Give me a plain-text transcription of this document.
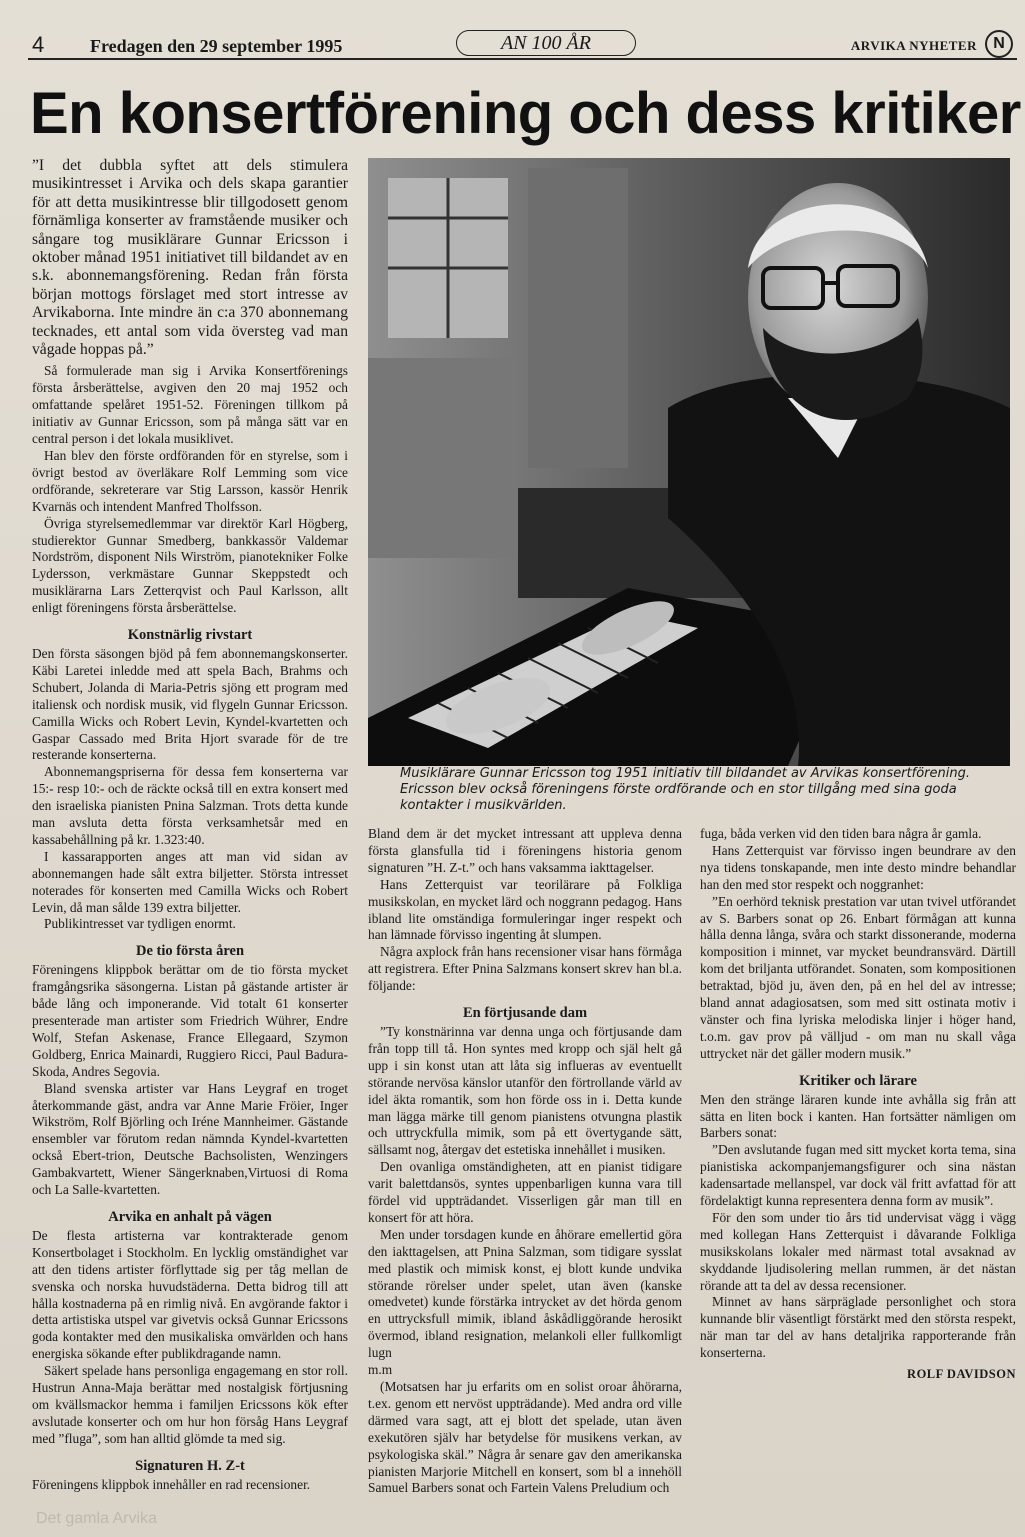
4	Fredagen den 29 september 1995	AN 100 ÅR	ARVIKA NYHETER	N
En konsertförening och dess kritiker

”I det dubbla syftet att dels stimulera musikintresset i Arvika och dels skapa garantier för att detta musikintresse blir tillgodosett genom förnämliga konserter av framstående musiker och sångare tog musiklärare Gunnar Ericsson i oktober månad 1951 initiativet till bildandet av en s.k. abonnemangsförening. Redan från första början mottogs förslaget med stort intresse av Arvikaborna. Inte mindre än c:a 370 abonnemang tecknades, ett antal som vida översteg vad man vågade hoppas på.”

Så formulerade man sig i Arvika Konsertförenings första årsberättelse, avgiven den 20 maj 1952 och omfattande spelåret 1951-52. Föreningen tillkom på initiativ av Gunnar Ericsson, som på många sätt var en central person i det lokala musiklivet.

Han blev den förste ordföranden för en styrelse, som i övrigt bestod av överläkare Rolf Lemming som vice ordförande, sekreterare var Stig Larsson, kassör Henrik Kvarnäs och intendent Manfred Tholfsson.

Övriga styrelsemedlemmar var direktör Karl Högberg, studierektor Gunnar Smedberg, bankkassör Valdemar Nordström, disponent Nils Wirström, pianotekniker Folke Lydersson, verkmästare Gunnar Skeppstedt och musiklärarna Lars Zetterqvist och Paul Karlsson, allt enligt föreningens första årsberättelse.

Konstnärlig rivstart

Den första säsongen bjöd på fem abonnemangskonserter. Käbi Laretei inledde med att spela Bach, Brahms och Schubert, Jolanda di Maria-Petris sjöng ett program med italiensk och nordisk musik, vid flygeln Gunnar Ericsson. Camilla Wicks och Robert Levin, Kyndel-kvartetten och Gaspar Cassado med Brita Hjort svarade för de tre resterande konserterna.

Abonnemangspriserna för dessa fem konserterna var 15:- resp 10:- och de räckte också till en extra konsert med den israeliska pianisten Pnina Salzman. Trots detta kunde man avsluta detta första verksamhetsår med en kassabehållning på kr. 1.323:40.

I kassarapporten anges att man vid sidan av abonnemangen hade sålt extra biljetter. Största intresset noterades för konserten med Camilla Wicks och Robert Levin, då man sålde 139 extra biljetter.

Publikintresset var tydligen enormt.

De tio första åren

Föreningens klippbok berättar om de tio första mycket framgångsrika säsongerna. Listan på gästande artister är både lång och imponerande. Vid totalt 61 konserter presenterade man artister som Friedrich Wührer, Endre Wolf, Stefan Askenase, France Ellegaard, Szymon Goldberg, Enrica Mainardi, Ruggiero Ricci, Paul Badura-Skoda, Andres Segovia.

Bland svenska artister var Hans Leygraf en troget återkommande gäst, andra var Anne Marie Fröier, Inger Wikström, Rolf Björling och Iréne Mannheimer. Gästande ensembler var förutom redan nämnda Kyndel-kvartetten också Ebert-trion, Deutsche Bachsolisten, Wenzingers Gambakvartett, Wiener Sängerknaben,Virtuosi di Roma och La Salle-kvartetten.

Arvika en anhalt på vägen

De flesta artisterna var kontrakterade genom Konsertbolaget i Stockholm. En lycklig omständighet var att den tidens artister förflyttade sig per tåg mellan de svenska och norska huvudstäderna. Detta bidrog till att hålla kostnaderna på en rimlig nivå. En avgörande faktor i detta artistiska utspel var givetvis också Gunnar Ericssons goda kontakter med den musikaliska omvärlden och hans energiska sökande efter publikdragande namn.

Säkert spelade hans personliga engagemang en stor roll. Hustrun Anna-Maja berättar med nostalgisk förtjusning om kvällsmackor hemma i familjen Ericssons kök efter avslutade konserter och om hur hon försåg Hans Leygraf med ”fluga”, som han alltid glömde ta med sig.

Signaturen H. Z-t

Föreningens klippbok innehåller en rad recensioner.

Musiklärare Gunnar Ericsson tog 1951 initiativ till bildandet av Arvikas konsertförening. Ericsson blev också föreningens förste ordförande och en stor tillgång med sina goda kontakter i musikvärlden.

Bland dem är det mycket intressant att uppleva denna första glansfulla tid i föreningens historia genom signaturen ”H. Z-t.” och hans vaksamma iakttagelser.

Hans Zetterquist var teorilärare på Folkliga musikskolan, en mycket lärd och noggrann pedagog. Hans ibland lite omständiga formuleringar inger respekt och han lämnade förvisso ingenting åt slumpen.

Några axplock från hans recensioner visar hans förmåga att registrera. Efter Pnina Salzmans konsert skrev han bl.a. följande:

En förtjusande dam

”Ty konstnärinna var denna unga och förtjusande dam från topp till tå. Hon syntes med kropp och själ helt gå upp i sin konst utan att låta sig influeras av eventuellt störande nervösa känslor utanför den förtrollande värld av idel äkta romantik, som hon förde oss in i. Detta kunde man lägga märke till genom pianistens otvungna plastik och uttryckfulla mimik, som på ett övertygande sätt, sällsamt nog, återgav det estetiska innehållet i musiken.

Den ovanliga omständigheten, att en pianist tidigare varit balettdansös, syntes uppenbarligen kunna vara till fördel vid uppträdandet. Visserligen går man till en konsert för att höra.

Men under torsdagen kunde en åhörare emellertid göra den iakttagelsen, att Pnina Salzman, som tidigare sysslat med plastik och mimisk konst, ej blott kunde undvika störande rörelser under spelet, utan även (kanske omedvetet) kunde förstärka intrycket av det hörda genom en uttrycksfull mimik, ibland åskådliggörande herosikt övermod, ibland resignation, melankoli eller fullkomligt lugn

m.m

(Motsatsen har ju erfarits om en solist oroar åhörarna, t.ex. genom ett nervöst uppträdande). Med andra ord ville därmed vara sagt, att ej blott det spelade, utan även exekutören själv har betydelse för musikens verkan, av psykologiska skäl.” Några år senare gav den amerikanska pianisten Marjorie Mitchell en konsert, som bl a innehöll Samuel Barbers sonat och Fartein Valens Preludium och

fuga, båda verken vid den tiden bara några år gamla.

Hans Zetterquist var förvisso ingen beundrare av den nya tidens tonskapande, men inte desto mindre behandlar han den med stor respekt och noggranhet:

”En oerhörd teknisk prestation var utan tvivel utförandet av S. Barbers sonat op 26. Enbart förmågan att kunna hålla denna långa, svåra och starkt dissonerande, moderna komposition i minnet, var mycket beundransvärd. Därtill kom det briljanta utförandet. Sonaten, som kompositionen betraktad, bjöd ju, även den, på en hel del av intresse; bland annat adagiosatsen, som med sitt ostinata motiv i vänster och fina lyriska melodiska linjer i höger hand, t.o.m. gav prov på välljud - om man nu skall våga uttrycket när det gäller modern musik.”

Kritiker och lärare

Men den stränge läraren kunde inte avhålla sig från att sätta en liten bock i kanten. Han fortsätter nämligen om Barbers sonat:

”Den avslutande fugan med sitt mycket korta tema, sina pianistiska ackompanjemangsfigurer och sina nästan kadensartade mellanspel, var dock väl fritt avfattad för att fördelaktigt kunna representera denna form av musik”.

För den som under tio års tid undervisat vägg i vägg med kollegan Hans Zetterquist i dåvarande Folkliga musikskolans lokaler med närmast total avsaknad av skyddande ljudisolering mellan rummen, är det nästan rörande att ta del av dessa recensioner.

Minnet av hans särpräglade personlighet och stora kunnande blir väsentligt förstärkt med den största respekt, när man tar del av hans detaljrika rapporterande från konserterna.

ROLF DAVIDSON
Det gamla Arvika
